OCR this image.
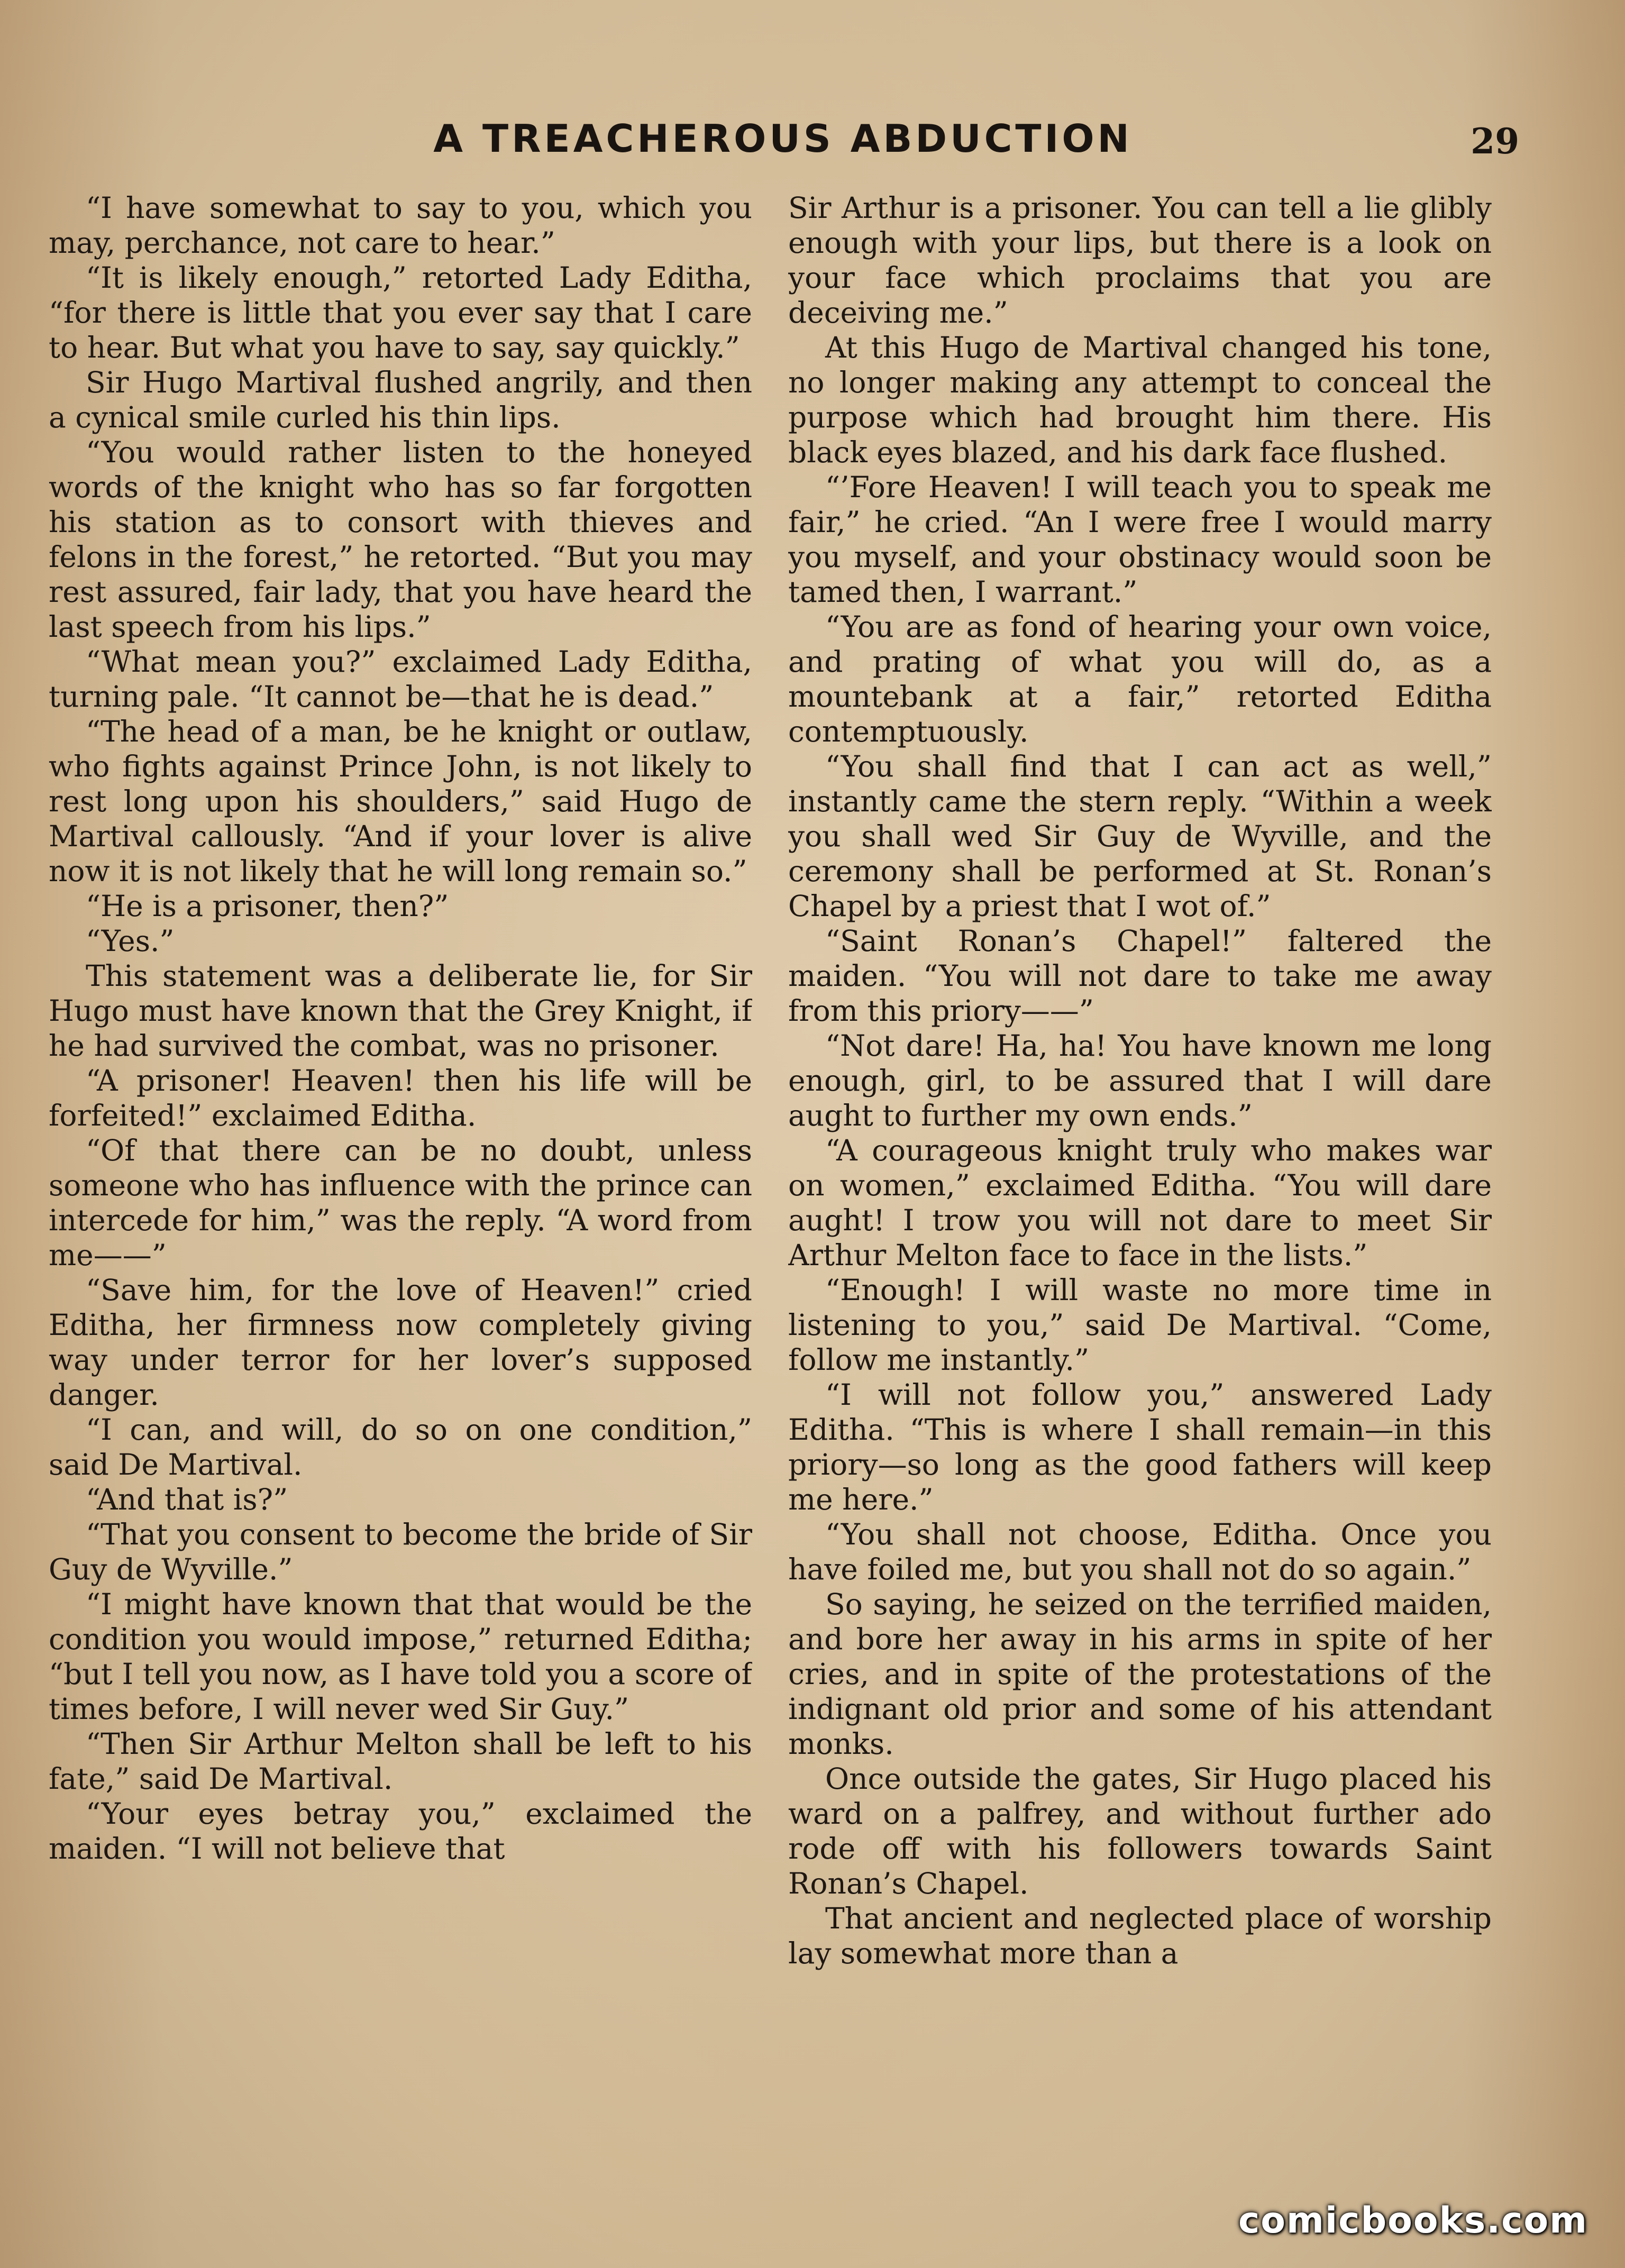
A TREACHEROUS ABDUCTION	29

“I have somewhat to say to you, which you may, perchance, not care to hear.”

“It is likely enough,” retorted Lady Editha, “for there is little that you ever say that I care to hear. But what you have to say, say quickly.”

Sir Hugo Martival flushed angrily, and then a cynical smile curled his thin lips.

“You would rather listen to the honeyed words of the knight who has so far forgotten his station as to consort with thieves and felons in the forest,” he retorted. “But you may rest assured, fair lady, that you have heard the last speech from his lips.”

“What mean you?” exclaimed Lady Editha, turning pale. “It cannot be—that he is dead.”

“The head of a man, be he knight or outlaw, who fights against Prince John, is not likely to rest long upon his shoulders,” said Hugo de Martival callously. “And if your lover is alive now it is not likely that he will long remain so.”

“He is a prisoner, then?”

“Yes.”

This statement was a deliberate lie, for Sir Hugo must have known that the Grey Knight, if he had survived the combat, was no prisoner.

“A prisoner! Heaven! then his life will be forfeited!” exclaimed Editha.

“Of that there can be no doubt, unless someone who has influence with the prince can intercede for him,” was the reply. “A word from me——”

“Save him, for the love of Heaven!” cried Editha, her firmness now completely giving way under terror for her lover’s supposed danger.

“I can, and will, do so on one condition,” said De Martival.

“And that is?”

“That you consent to become the bride of Sir Guy de Wyville.”

“I might have known that that would be the condition you would impose,” returned Editha; “but I tell you now, as I have told you a score of times before, I will never wed Sir Guy.”

“Then Sir Arthur Melton shall be left to his fate,” said De Martival.

“Your eyes betray you,” exclaimed the maiden. “I will not believe that

Sir Arthur is a prisoner. You can tell a lie glibly enough with your lips, but there is a look on your face which proclaims that you are deceiving me.”

At this Hugo de Martival changed his tone, no longer making any attempt to conceal the purpose which had brought him there. His black eyes blazed, and his dark face flushed.

“’Fore Heaven! I will teach you to speak me fair,” he cried. “An I were free I would marry you myself, and your obstinacy would soon be tamed then, I warrant.”

“You are as fond of hearing your own voice, and prating of what you will do, as a mountebank at a fair,” retorted Editha contemptuously.

“You shall find that I can act as well,” instantly came the stern reply. “Within a week you shall wed Sir Guy de Wyville, and the ceremony shall be performed at St. Ronan’s Chapel by a priest that I wot of.”

“Saint Ronan’s Chapel!” faltered the maiden. “You will not dare to take me away from this priory——”

“Not dare! Ha, ha! You have known me long enough, girl, to be assured that I will dare aught to further my own ends.”

“A courageous knight truly who makes war on women,” exclaimed Editha. “You will dare aught! I trow you will not dare to meet Sir Arthur Melton face to face in the lists.”

“Enough! I will waste no more time in listening to you,” said De Martival. “Come, follow me instantly.”

“I will not follow you,” answered Lady Editha. “This is where I shall remain—in this priory—so long as the good fathers will keep me here.”

“You shall not choose, Editha. Once you have foiled me, but you shall not do so again.”

So saying, he seized on the terrified maiden, and bore her away in his arms in spite of her cries, and in spite of the protestations of the indignant old prior and some of his attendant monks.

Once outside the gates, Sir Hugo placed his ward on a palfrey, and without further ado rode off with his followers towards Saint Ronan’s Chapel.

That ancient and neglected place of worship lay somewhat more than a

comicbooks.com
